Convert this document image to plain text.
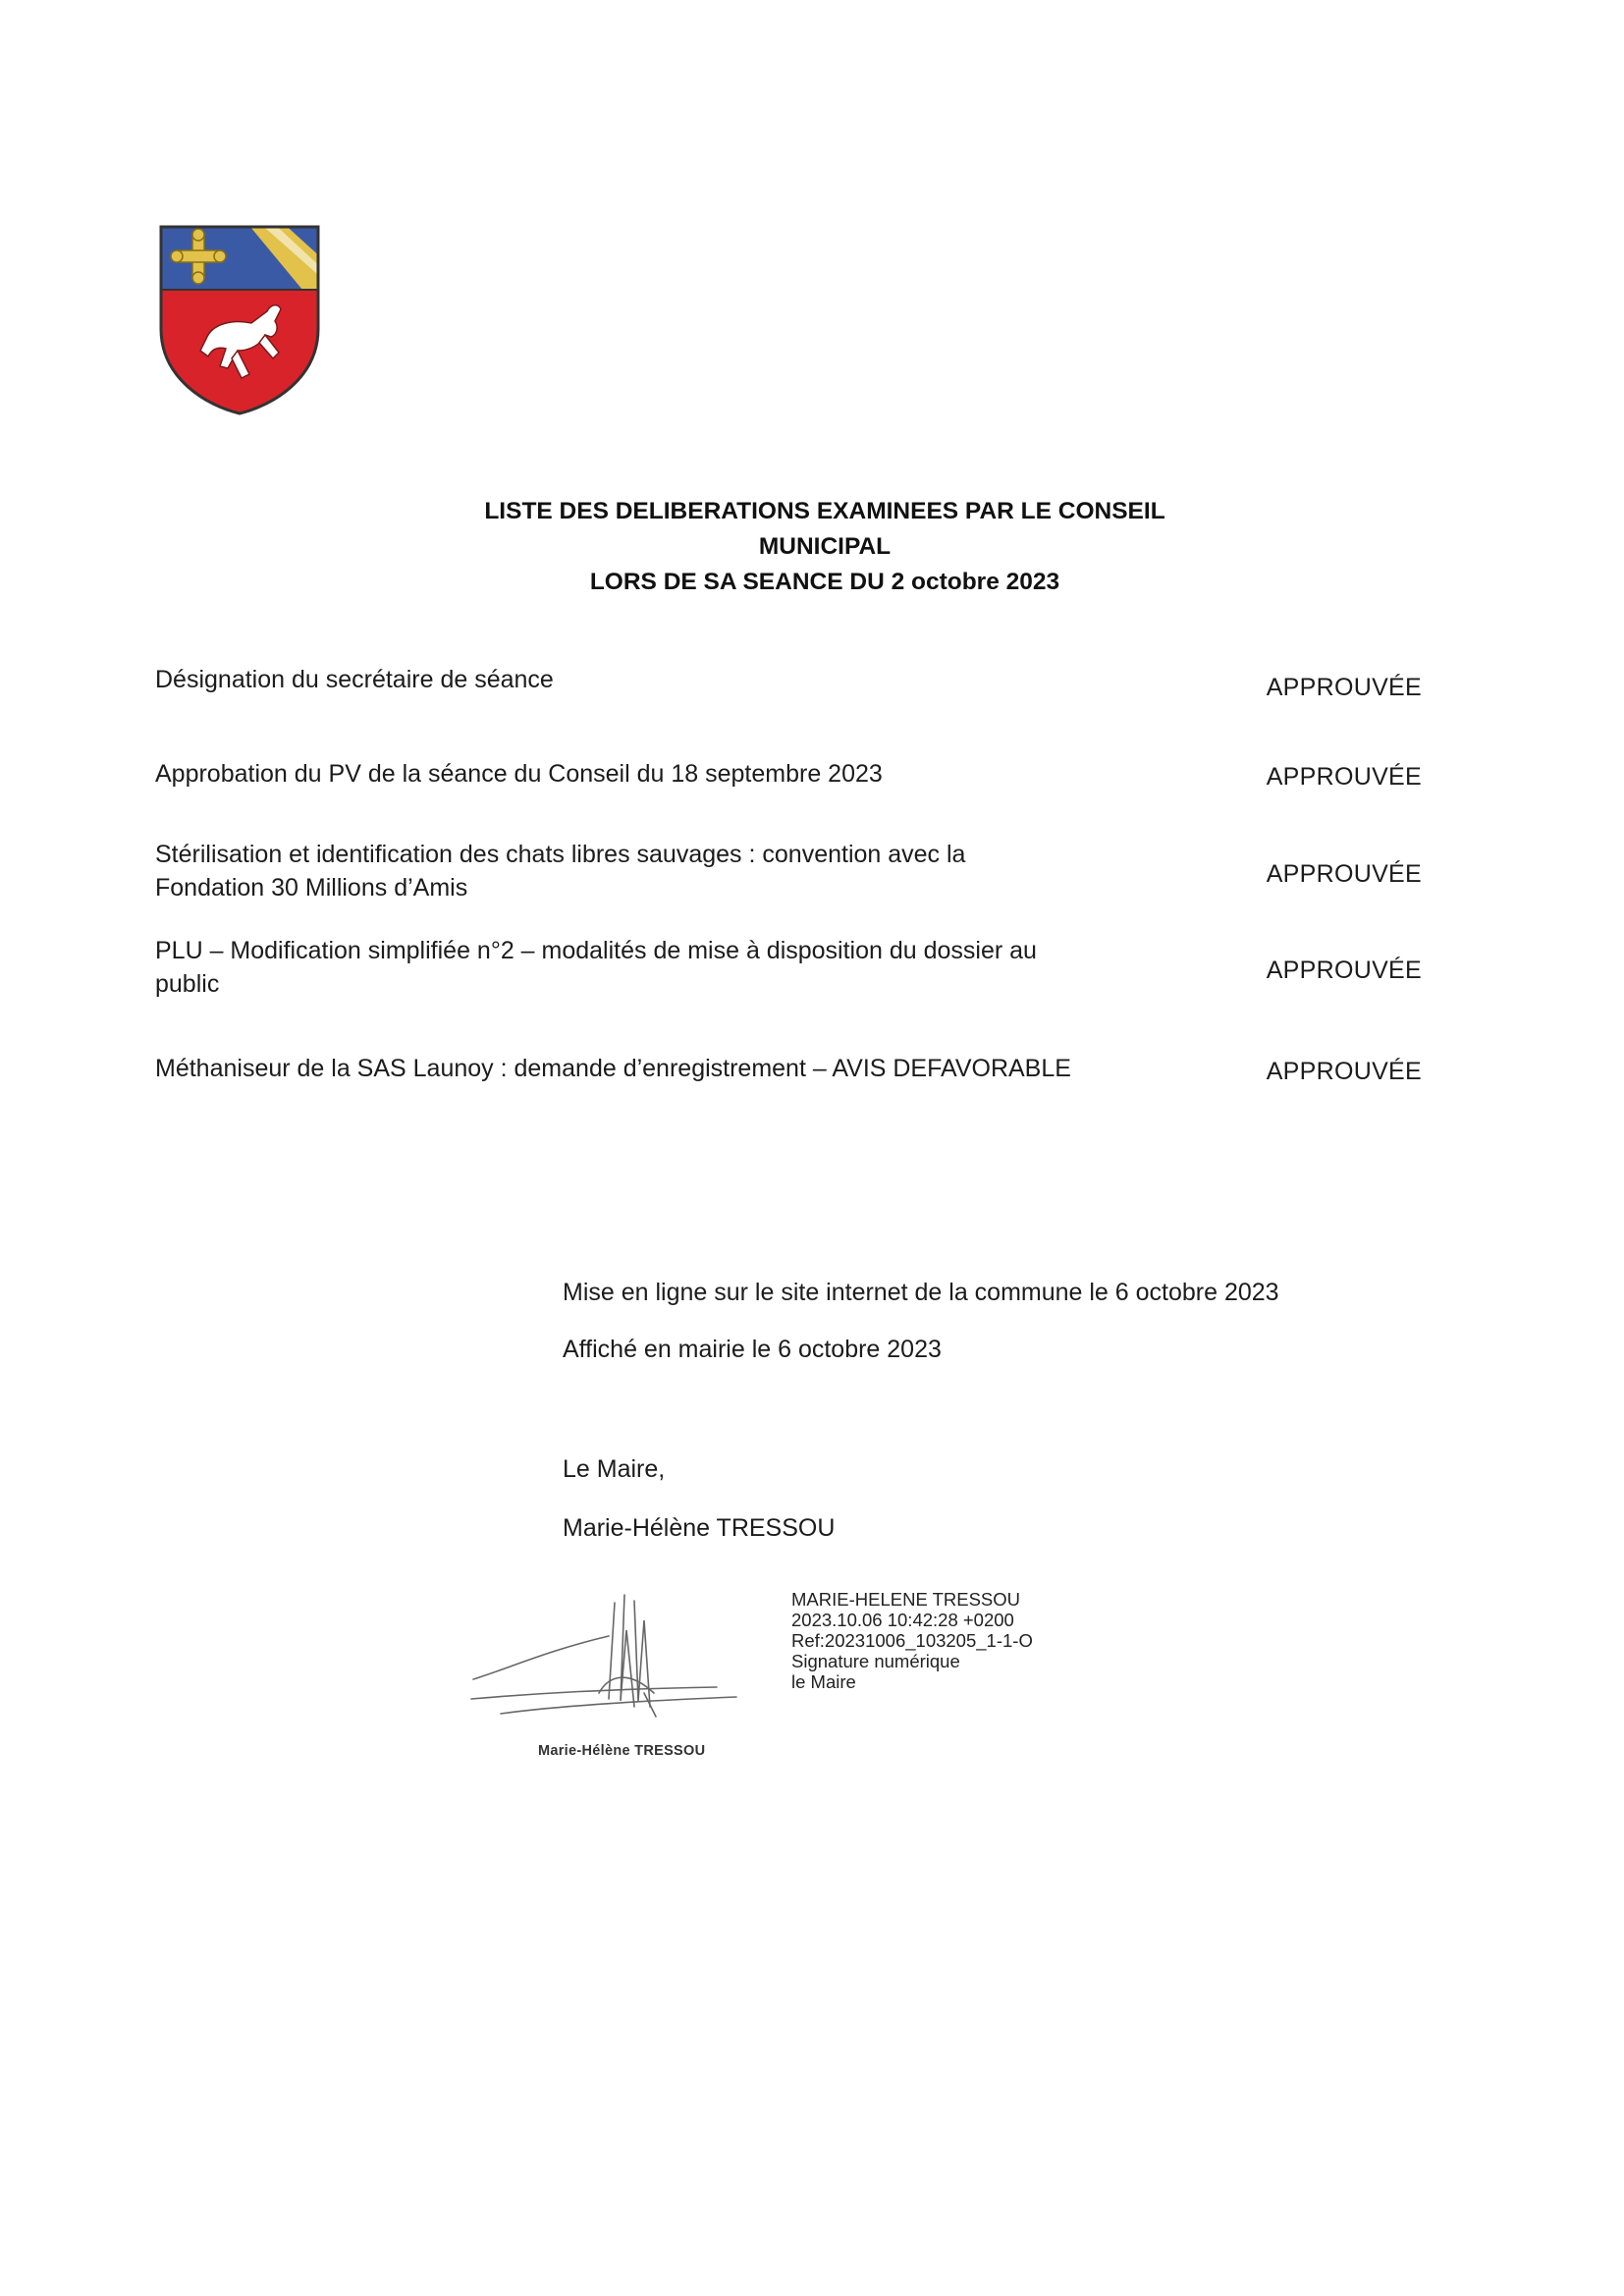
LISTE DES DELIBERATIONS EXAMINEES PAR LE CONSEIL MUNICIPAL
LORS DE SA SEANCE DU 2 octobre 2023
Désignation du secrétaire de séance	APPROUVÉE
Approbation du PV de la séance du Conseil du 18 septembre 2023	APPROUVÉE
Stérilisation et identification des chats libres sauvages : convention avec la
Fondation 30 Millions d’Amis	APPROUVÉE
PLU – Modification simplifiée n°2 – modalités de mise à disposition du dossier au
public	APPROUVÉE
Méthaniseur de la SAS Launoy : demande d’enregistrement – AVIS DEFAVORABLE	APPROUVÉE
Mise en ligne sur le site internet de la commune le 6 octobre 2023
Affiché en mairie le 6 octobre 2023
Le Maire,
Marie-Hélène TRESSOU
Marie-Hélène TRESSOU
MARIE-HELENE TRESSOU
2023.10.06 10:42:28 +0200
Ref:20231006_103205_1-1-O
Signature numérique
le Maire
